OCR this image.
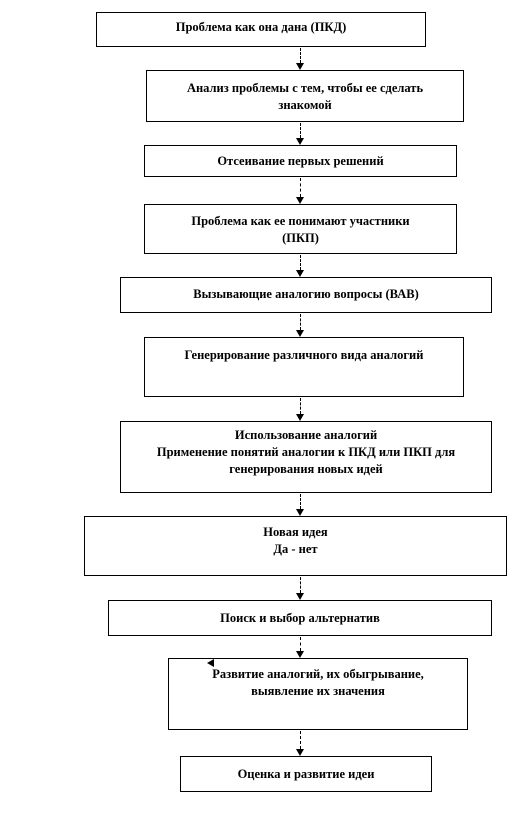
Проблема как она дана (ПКД)
Анализ проблемы с тем, чтобы ее сделать
знакомой
Отсеивание первых решений
Проблема как ее понимают участники
(ПКП)
Вызывающие аналогию вопросы (ВАВ)
Генерирование различного вида аналогий
Использование аналогий
Применение понятий аналогии к ПКД или ПКП для
генерирования новых идей
Новая идея
Да - нет
Поиск и выбор альтернатив
Развитие аналогий, их обыгрывание,
выявление их значения
Оценка и развитие идеи
